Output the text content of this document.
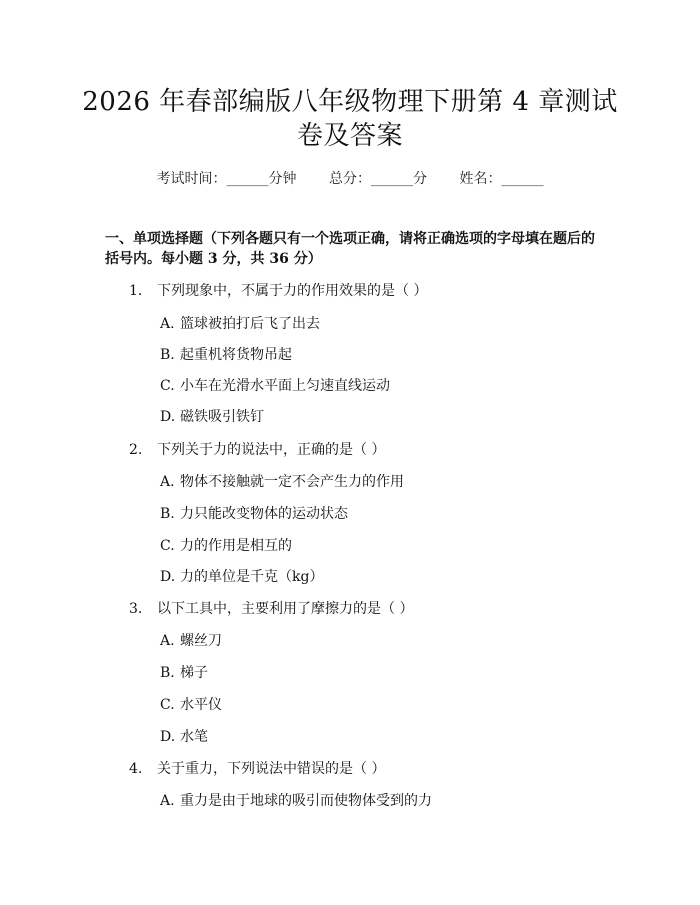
2026 年春部编版八年级物理下册第 4 章测试
卷及答案
考试时间：______分钟 总分：______分 姓名：______
一、单项选择题（下列各题只有一个选项正确，请将正确选项的字母填在题后的
括号内。每小题 3 分，共 36 分）
1. 下列现象中，不属于力的作用效果的是（ ）
A. 篮球被拍打后飞了出去
B. 起重机将货物吊起
C. 小车在光滑水平面上匀速直线运动
D. 磁铁吸引铁钉
2. 下列关于力的说法中，正确的是（ ）
A. 物体不接触就一定不会产生力的作用
B. 力只能改变物体的运动状态
C. 力的作用是相互的
D. 力的单位是千克（kg）
3. 以下工具中，主要利用了摩擦力的是（ ）
A. 螺丝刀
B. 梯子
C. 水平仪
D. 水笔
4. 关于重力，下列说法中错误的是（ ）
A. 重力是由于地球的吸引而使物体受到的力
